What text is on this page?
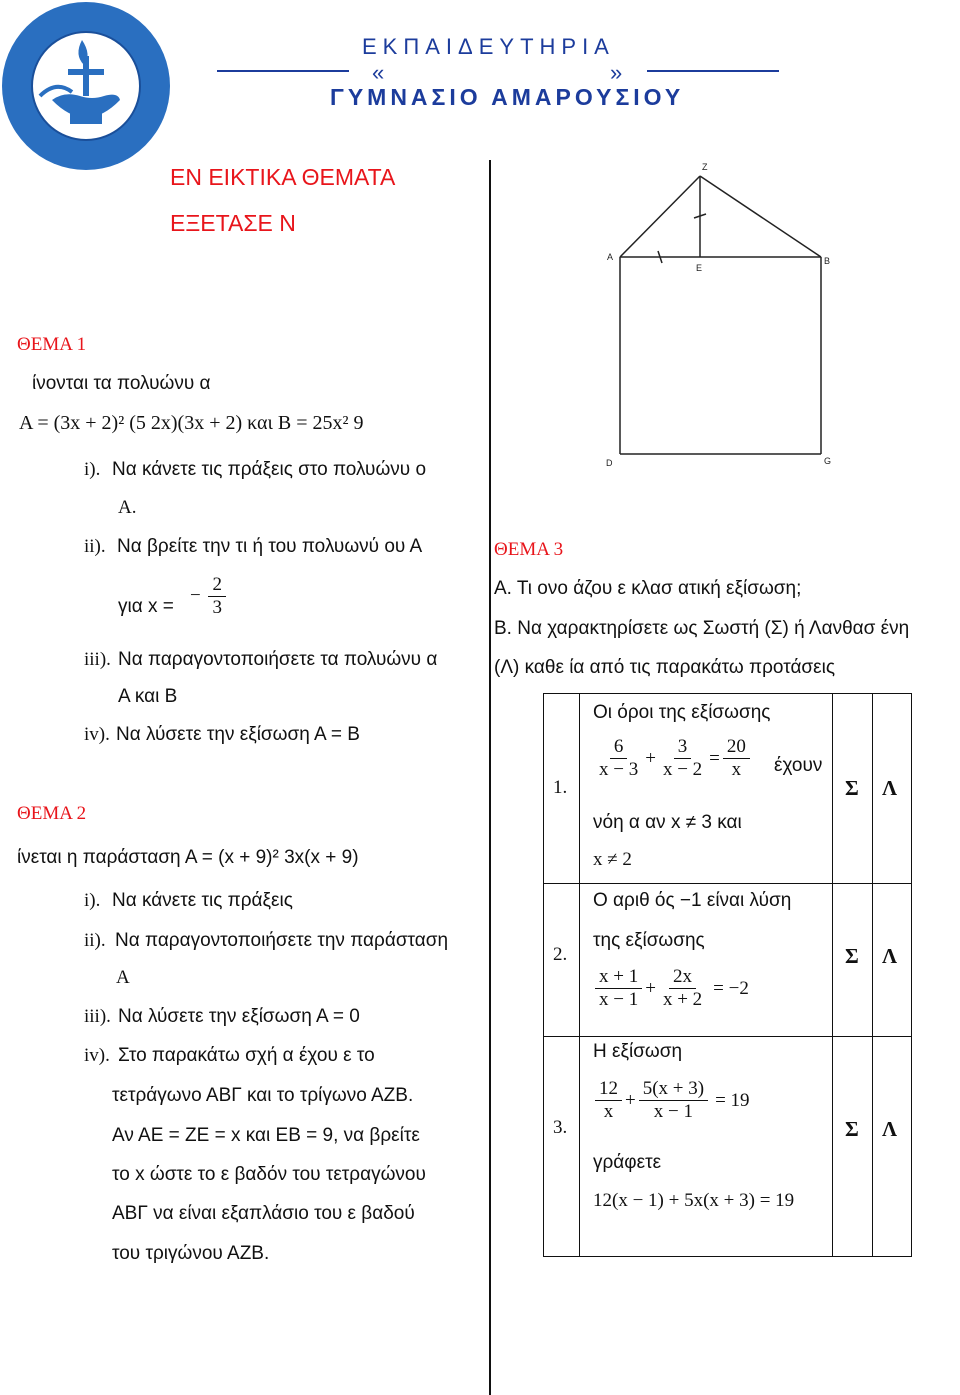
ΕΚΠΑΙΔΕΥΤΗΡΙΑ
«	»
ΓΥΜΝΑΣΙΟ ΑΜΑΡΟΥΣΙΟΥ
ΕΝ ΕΙΚΤΙΚΑ ΘΕΜΑΤΑ
ΕΞΕΤΑΣΕ Ν
ΘΕΜΑ 1
ίνονται τα πολυώνυ α
Α = (3x + 2)² (5 2x)(3x + 2) και Β = 25x² 9
i). Να κάνετε τις πράξεις στο πολυώνυ ο
Α.
ii). Να βρείτε την τι ή του πολυωνύ ου Α
για x =
− $\frac{2}{3}$
iii). Να παραγοντοποιήσετε τα πολυώνυ α
Α και Β
iv). Να λύσετε την εξίσωση Α = Β
ΘΕΜΑ 2
ίνεται η παράσταση Α = (x + 9)² 3x(x + 9)
i). Να κάνετε τις πράξεις
ii). Να παραγοντοποιήσετε την παράσταση
Α
iii). Να λύσετε την εξίσωση Α = 0
iv). Στο παρακάτω σχή α έχου ε το
τετράγωνο ΑΒΓ και το τρίγωνο ΑΖΒ.
Αν ΑΕ = ΖΕ = x και ΕΒ = 9, να βρείτε
το x ώστε το ε βαδόν του τετραγώνου
ΑΒΓ να είναι εξαπλάσιο του ε βαδού
του τριγώνου ΑΖΒ.
Z
A
E
B
D	G
ΘΕΜΑ 3
Α. Τι ονο άζου ε κλασ ατική εξίσωση;
Β. Να χαρακτηρίσετε ως Σωστή (Σ) ή Λανθασ ένη
(Λ) καθε ία από τις παρακάτω προτάσεις
1.
Οι όροι της εξίσωσης
$\frac{6}{x - 3} + \frac{3}{x - 2} = \frac{20}{x}$ έχουν
νόη α αν x ≠ 3 και
x ≠ 2
Σ Λ
2.
Ο αριθ ός −1 είναι λύση
της εξίσωσης
$\frac{x + 1}{x - 1} + \frac{2x}{x + 2} = -2$
Σ Λ
3.
Η εξίσωση
$\frac{12}{x} + \frac{5(x + 3)}{x - 1} = 19$
γράφετε
12(x − 1) + 5x(x + 3) = 19
Σ Λ
